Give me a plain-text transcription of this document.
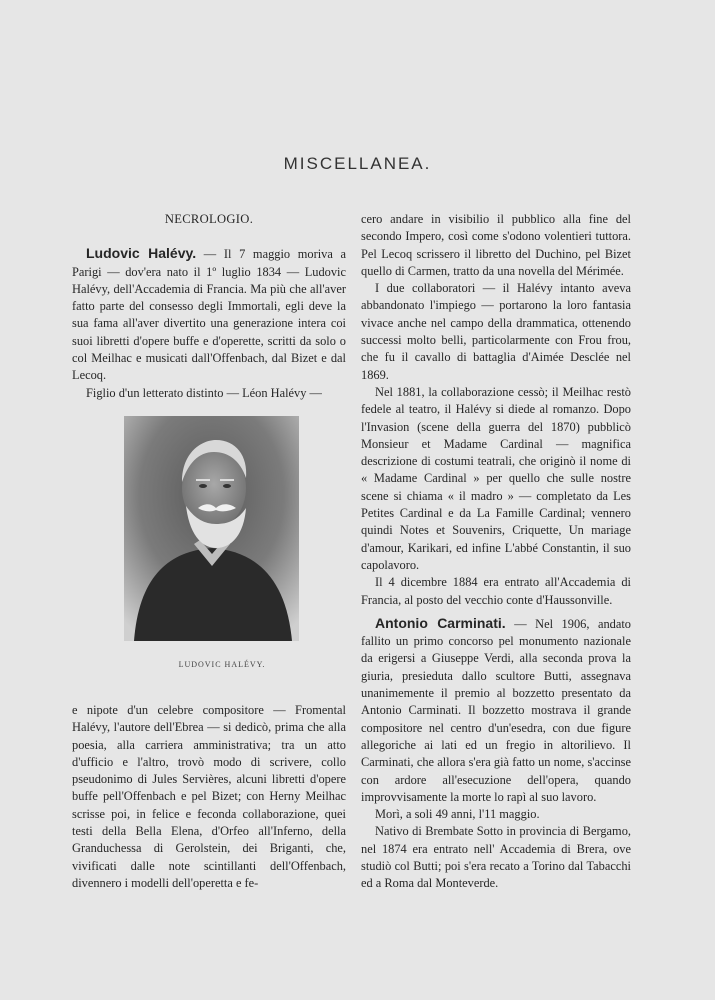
MISCELLANEA.
NECROLOGIO.

Ludovic Halévy. — Il 7 maggio moriva a Parigi — dov'era nato il 1º luglio 1834 — Ludovic Halévy, dell'Accademia di Francia. Ma più che all'aver fatto parte del consesso degli Immortali, egli deve la sua fama all'aver divertito una generazione intera coi suoi libretti d'opere buffe e d'operette, scritti da solo o col Meilhac e musicati dall'Offenbach, dal Bizet e dal Lecoq.

Figlio d'un letterato distinto — Léon Halévy —

LUDOVIC HALÉVY.

e nipote d'un celebre compositore — Fromental Halévy, l'autore dell'Ebrea — si dedicò, prima che alla poesia, alla carriera amministrativa; tra un atto d'ufficio e l'altro, trovò modo di scrivere, collo pseudonimo di Jules Servières, alcuni libretti d'opere buffe pell'Offenbach e pel Bizet; con Herny Meilhac scrisse poi, in felice e feconda collaborazione, quei testi della Bella Elena, d'Orfeo all'Inferno, della Granduchessa di Gerolstein, dei Briganti, che, vivificati dalle note scintillanti dell'Offenbach, divennero i modelli dell'operetta e fe-

cero andare in visibilio il pubblico alla fine del secondo Impero, così come s'odono volentieri tuttora. Pel Lecoq scrissero il libretto del Duchino, pel Bizet quello di Carmen, tratto da una novella del Mérimée.

I due collaboratori — il Halévy intanto aveva abbandonato l'impiego — portarono la loro fantasia vivace anche nel campo della drammatica, ottenendo successi molto belli, particolarmente con Frou frou, che fu il cavallo di battaglia d'Aimée Desclée nel 1869.

Nel 1881, la collaborazione cessò; il Meilhac restò fedele al teatro, il Halévy si diede al romanzo. Dopo l'Invasion (scene della guerra del 1870) pubblicò Monsieur et Madame Cardinal — magnifica descrizione di costumi teatrali, che originò il nome di « Madame Cardinal » per quello che sulle nostre scene si chiama « il madro » — completato da Les Petites Cardinal e da La Famille Cardinal; vennero quindi Notes et Souvenirs, Criquette, Un mariage d'amour, Karikari, ed infine L'abbé Constantin, il suo capolavoro.

Il 4 dicembre 1884 era entrato all'Accademia di Francia, al posto del vecchio conte d'Haussonville.

Antonio Carminati. — Nel 1906, andato fallito un primo concorso pel monumento nazionale da erigersi a Giuseppe Verdi, alla seconda prova la giuria, presieduta dallo scultore Butti, assegnava unanimemente il premio al bozzetto presentato da Antonio Carminati. Il bozzetto mostrava il grande compositore nel centro d'un'esedra, con due figure allegoriche ai lati ed un fregio in altorilievo. Il Carminati, che allora s'era già fatto un nome, s'accinse con ardore all'esecuzione dell'opera, quando improvvisamente la morte lo rapì al suo lavoro.

Morì, a soli 49 anni, l'11 maggio.

Nativo di Brembate Sotto in provincia di Bergamo, nel 1874 era entrato nell' Accademia di Brera, ove studiò col Butti; poi s'era recato a Torino dal Tabacchi ed a Roma dal Monteverde.
